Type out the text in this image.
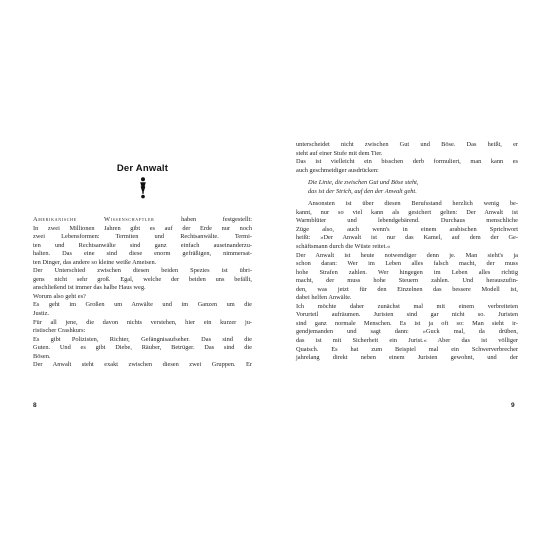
Der Anwalt
Amerikanische Wissenschaftler haben festgestellt:
In zwei Millionen Jahren gibt es auf der Erde nur noch
zwei Lebensformen: Termiten und Rechtsanwälte. Termi-
ten und Rechtsanwälte sind ganz einfach auseinanderzu-
halten. Das eine sind diese enorm gefräßigen, nimmersat-
ten Dinger, das andere so kleine weiße Ameisen.
Der Unterschied zwischen diesen beiden Spezies ist übri-
gens nicht sehr groß. Egal, welche der beiden uns befällt,
anschließend ist immer das halbe Haus weg.
Worum also geht es?
Es geht im Großen um Anwälte und im Ganzen um die
Justiz.
Für all jene, die davon nichts verstehen, hier ein kurzer ju-
ristischer Crashkurs:
Es gibt Polizisten, Richter, Gefängnisaufseher. Das sind die
Guten. Und es gibt Diebe, Räuber, Betrüger. Das sind die
Bösen.
Der Anwalt steht exakt zwischen diesen zwei Gruppen. Er
8
unterscheidet nicht zwischen Gut und Böse. Das heißt, er
steht auf einer Stufe mit dem Tier.
Das ist vielleicht ein bisschen derb formuliert, man kann es
auch geschmeidiger ausdrücken:
Die Linie, die zwischen Gut und Böse steht,
das ist der Strich, auf den der Anwalt geht.
Ansonsten ist über diesen Berufsstand herzlich wenig be-
kannt, nur so viel kann als gesichert gelten: Der Anwalt ist
Warmblüter und lebendgebärend. Durchaus menschliche
Züge also, auch wenn's in einem arabischen Sprichwort
heißt: »Der Anwalt ist nur das Kamel, auf dem der Ge-
schäftsmann durch die Wüste reitet.«
Der Anwalt ist heute notwendiger denn je. Man sieht's ja
schon daran: Wer im Leben alles falsch macht, der muss
hohe Strafen zahlen. Wer hingegen im Leben alles richtig
macht, der muss hohe Steuern zahlen. Und herauszufin-
den, was jetzt für den Einzelnen das bessere Modell ist,
dabei helfen Anwälte.
Ich möchte daher zunächst mal mit einem verbreiteten
Vorurteil aufräumen. Juristen sind gar nicht so. Juristen
sind ganz normale Menschen. Es ist ja oft so: Man sieht ir-
gendjemanden und sagt dann: »Guck mal, da drüben,
das ist mit Sicherheit ein Jurist.« Aber das ist völliger
Quatsch. Es hat zum Beispiel mal ein Schwerverbrecher
jahrelang direkt neben einem Juristen gewohnt, und der
9
